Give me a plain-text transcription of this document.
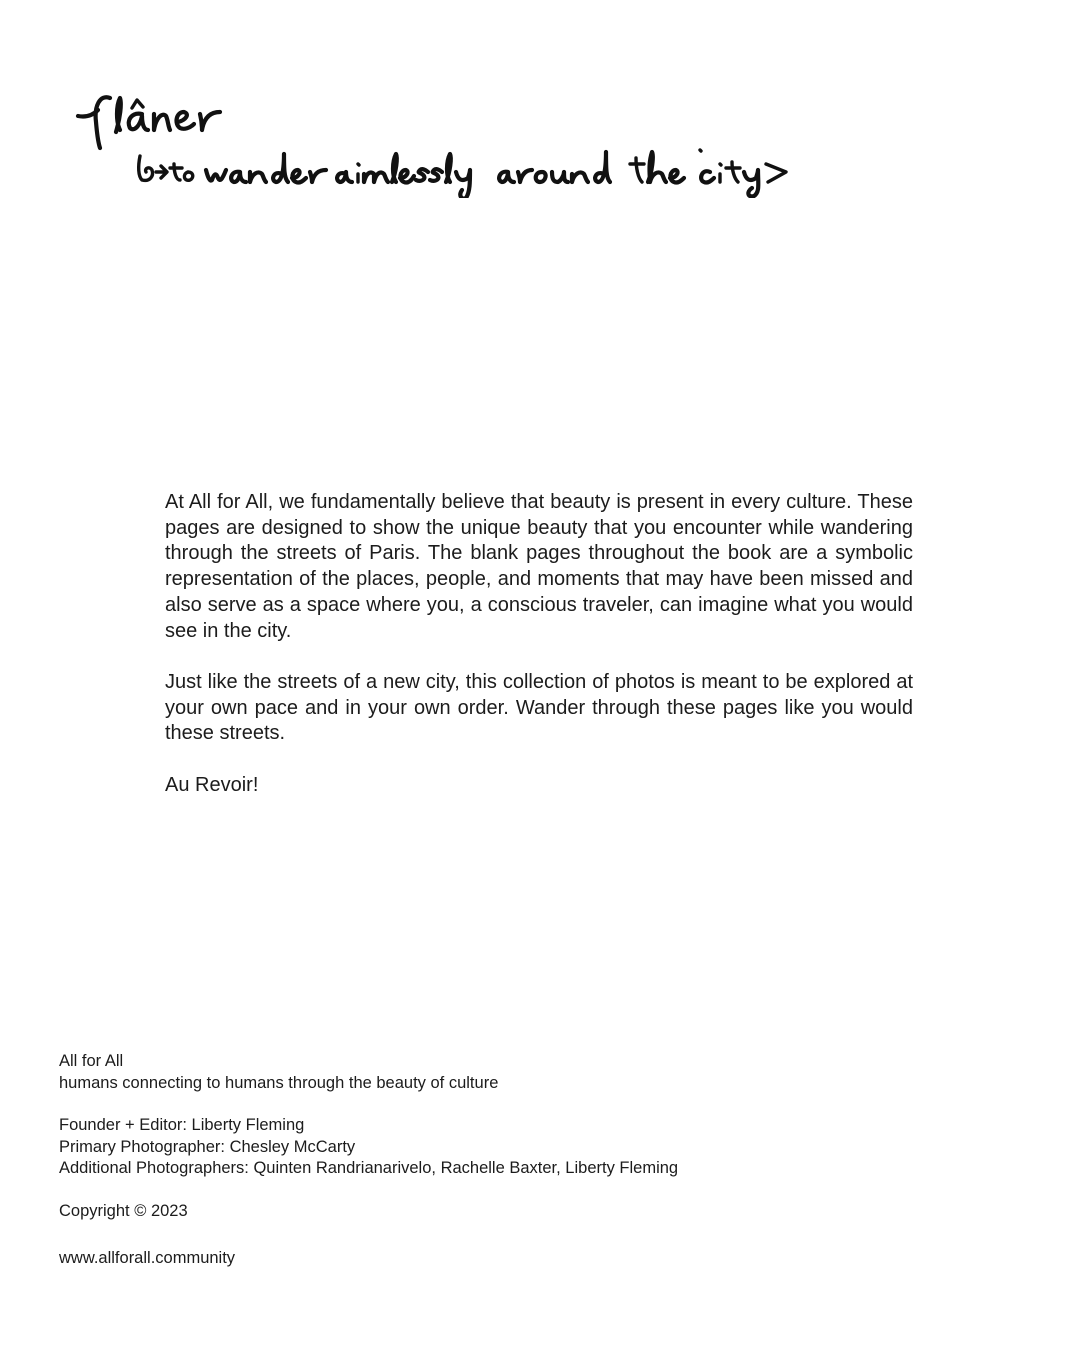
At All for All, we fundamentally believe that beauty is present in every culture. These pages are designed to show the unique beauty that you encounter while wandering through the streets of Paris. The blank pages throughout the book are a symbolic representation of the places, people, and moments that may have been missed and also serve as a space where you, a conscious traveler, can imagine what you would see in the city.

Just like the streets of a new city, this collection of photos is meant to be explored at your own pace and in your own order. Wander through these pages like you would these streets.

Au Revoir!

All for All
humans connecting to humans through the beauty of culture
Founder + Editor: Liberty Fleming
Primary Photographer: Chesley McCarty
Additional Photographers: Quinten Randrianarivelo, Rachelle Baxter, Liberty Fleming
Copyright © 2023
www.allforall.community
